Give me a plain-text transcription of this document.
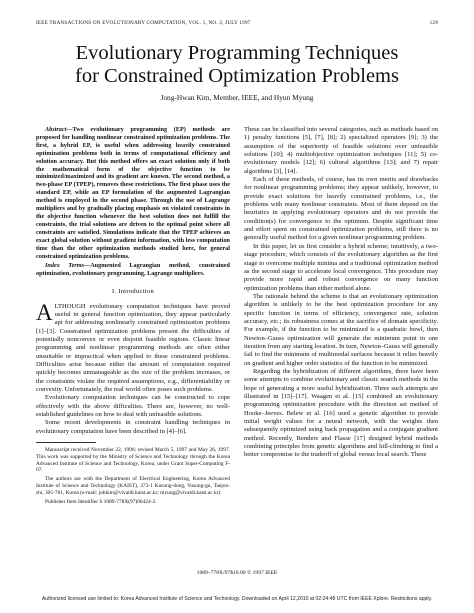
IEEE TRANSACTIONS ON EVOLUTIONARY COMPUTATION, VOL. 1, NO. 2, JULY 1997	129
Evolutionary Programming Techniques
for Constrained Optimization Problems
Jong-Hwan Kim, Member, IEEE, and Hyun Myung

Abstract—Two evolutionary programming (EP) methods are proposed for handling nonlinear constrained optimization problems. The first, a hybrid EP, is useful when addressing heavily constrained optimization problems both in terms of computational efficiency and solution accuracy. But this method offers an exact solution only if both the mathematical form of the objective function to be minimized/maximized and its gradient are known. The second method, a two-phase EP (TPEP), removes these restrictions. The first phase uses the standard EP, while an EP formulation of the augmented Lagrangian method is employed in the second phase. Through the use of Lagrange multipliers and by gradually placing emphasis on violated constraints in the objective function whenever the best solution does not fulfill the constraints, the trial solutions are driven to the optimal point where all constraints are satisfied. Simulations indicate that the TPEP achieves an exact global solution without gradient information, with less computation time than the other optimization methods studied here, for general constrained optimization problems.

Index Terms—Augmented Lagrangian method, constrained optimization, evolutionary programming, Lagrange multipliers.

I. Introduction

ALTHOUGH evolutionary computation techniques have proved useful in general function optimization, they appear particularly apt for addressing nonlinearly constrained optimization problems [1]–[3]. Constrained optimization problems present the difficulties of potentially nonconvex or even disjoint feasible regions. Classic linear programming and nonlinear programming methods are often either unsuitable or impractical when applied to these constrained problems. Difficulties arise because either the amount of computation required quickly becomes unmanageable as the size of the problem increases, or the constraints violate the required assumptions, e.g., differentiability or convexity. Unfortunately, the real world often poses such problems.

Evolutionary computation techniques can be constructed to cope effectively with the above difficulties. There are, however, no well-established guidelines on how to deal with unfeasible solutions.

Some recent developments in constraint handling techniques in evolutionary computation have been described in [4]–[6].

Manuscript received November 22, 1996; revised March 5, 1997 and May 26, 1997. This work was supported by the Ministry of Science and Technology through the Korea Advanced Institute of Science and Technology, Korea, under Grant Super-Computing F-07.

The authors are with the Department of Electrical Engineering, Korea Advanced Institute of Science and Technology (KAIST), 373-1 Kusung-dong, Yusung-gu, Taejon-shi, 305-701, Korea (e-mail: johkim@vivaldi.kaist.ac.kr; myung@vivaldi.kaist.ac.kr).

Publisher Item Identifier S 1089-778X(97)06424-2.

These can be classified into several categories, such as methods based on 1) penalty functions [5], [7], [8]; 2) specialized operators [9]; 3) the assumption of the superiority of feasible solutions over unfeasible solutions [10]; 4) multiobjective optimization techniques [11]; 5) co-evolutionary models [12]; 6) cultural algorithms [13]; and 7) repair algorithms [3], [14].

Each of these methods, of course, has its own merits and drawbacks for nonlinear programming problems; they appear unlikely, however, to provide exact solutions for heavily constrained problems, i.e., the problems with many nonlinear constraints. Most of them depend on the heuristics in applying evolutionary operators and do not provide the condition(s) for convergence to the optimum. Despite significant time and effort spent on constrained optimization problems, still there is no generally useful method for a given nonlinear programming problem.

In this paper, let us first consider a hybrid scheme; intuitively, a two-stage procedure, which consists of the evolutionary algorithm as the first stage to overcome multiple minima and a traditional optimization method as the second stage to accelerate local convergence. This procedure may provide more rapid and robust convergence on many function optimization problems than either method alone.

The rationale behind the scheme is that an evolutionary optimization algorithm is unlikely to be the best optimization procedure for any specific function in terms of efficiency, convergence rate, solution accuracy, etc.; its robustness comes at the sacrifice of domain specificity. For example, if the function to be minimized is a quadratic bowl, then Newton–Gauss optimization will generate the minimum point in one iteration from any starting location. In turn, Newton–Gauss will generally fail to find the minimum of multimodal surfaces because it relies heavily on gradient and higher order statistics of the function to be minimized.

Regarding the hybridization of different algorithms, there have been some attempts to combine evolutionary and classic search methods in the hope of generating a more useful hybridization. Three such attempts are illustrated in [15]–[17]. Waagen et al. [15] combined an evolutionary programming optimization procedure with the direction set method of Hooke–Jeeves. Belew et al. [16] used a genetic algorithm to provide initial weight values for a neural network, with the weights then subsequently optimized using back propagation and a conjugate gradient method. Recently, Renders and Flasse [17] designed hybrid methods combining principles from genetic algorithms and hill-climbing to find a better compromise to the tradeoff of global versus local search. These

1089–778X/97$10.00 © 1997 IEEE
Authorized licensed use limited to: Korea Advanced Institute of Science and Technology. Downloaded on April 12,2010 at 02:24:48 UTC from IEEE Xplore. Restrictions apply.
